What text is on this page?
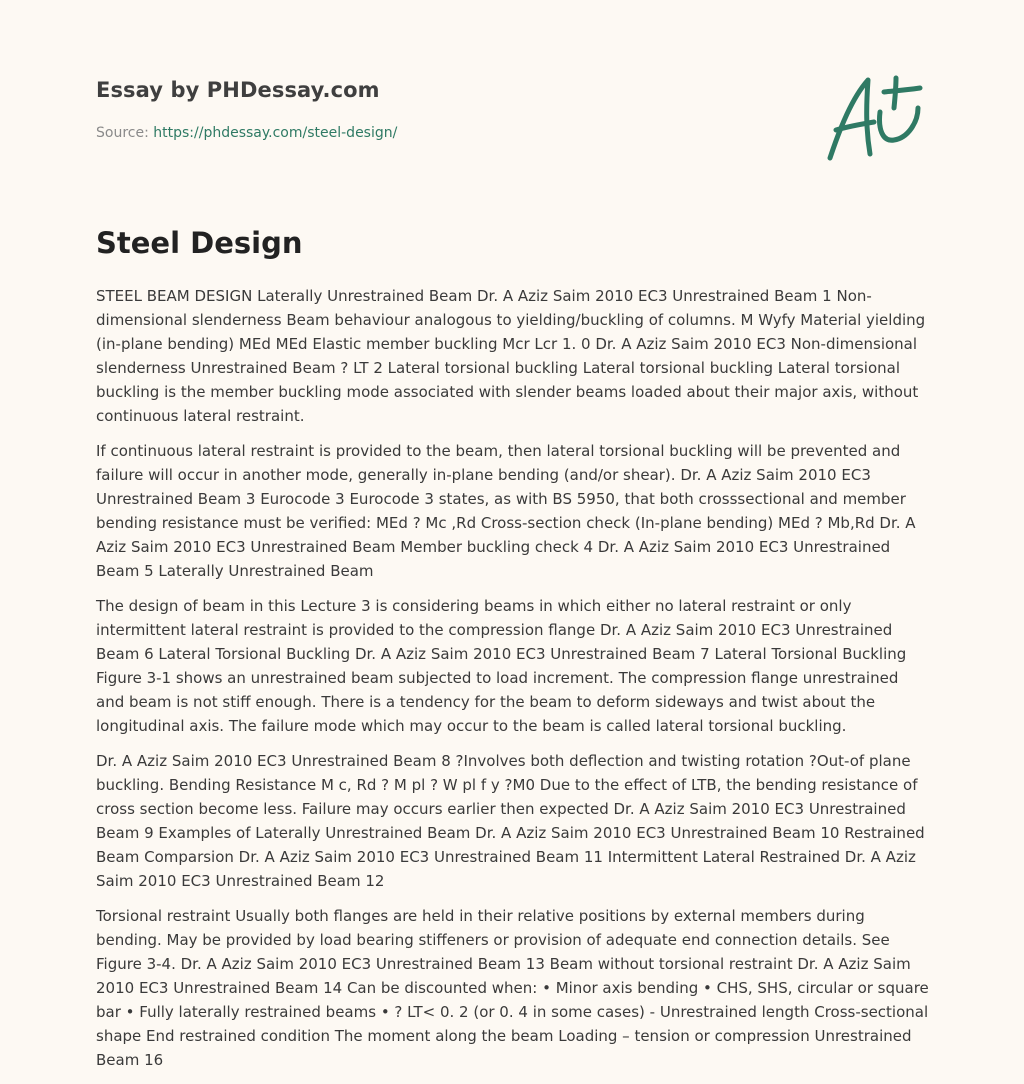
Essay by PHDessay.com
Source: https://phdessay.com/steel-design/
Steel Design

STEEL BEAM DESIGN Laterally Unrestrained Beam Dr. A Aziz Saim 2010 EC3 Unrestrained Beam 1 Non-dimensional slenderness Beam behaviour analogous to yielding/buckling of columns. M Wyfy Material yielding (in-plane bending) MEd MEd Elastic member buckling Mcr Lcr 1. 0 Dr. A Aziz Saim 2010 EC3 Non-dimensional slenderness Unrestrained Beam ? LT 2 Lateral torsional buckling Lateral torsional buckling Lateral torsional buckling is the member buckling mode associated with slender beams loaded about their major axis, without continuous lateral restraint.

If continuous lateral restraint is provided to the beam, then lateral torsional buckling will be prevented and failure will occur in another mode, generally in-plane bending (and/or shear). Dr. A Aziz Saim 2010 EC3 Unrestrained Beam 3 Eurocode 3 Eurocode 3 states, as with BS 5950, that both crosssectional and member bending resistance must be verified: MEd ? Mc ,Rd Cross-section check (In-plane bending) MEd ? Mb,Rd Dr. A Aziz Saim 2010 EC3 Unrestrained Beam Member buckling check 4 Dr. A Aziz Saim 2010 EC3 Unrestrained Beam 5 Laterally Unrestrained Beam

The design of beam in this Lecture 3 is considering beams in which either no lateral restraint or only intermittent lateral restraint is provided to the compression flange Dr. A Aziz Saim 2010 EC3 Unrestrained Beam 6 Lateral Torsional Buckling Dr. A Aziz Saim 2010 EC3 Unrestrained Beam 7 Lateral Torsional Buckling Figure 3-1 shows an unrestrained beam subjected to load increment. The compression flange unrestrained and beam is not stiff enough. There is a tendency for the beam to deform sideways and twist about the longitudinal axis. The failure mode which may occur to the beam is called lateral torsional buckling.

Dr. A Aziz Saim 2010 EC3 Unrestrained Beam 8 ?Involves both deflection and twisting rotation ?Out-of plane buckling. Bending Resistance M c, Rd ? M pl ? W pl f y ?M0 Due to the effect of LTB, the bending resistance of cross section become less. Failure may occurs earlier then expected Dr. A Aziz Saim 2010 EC3 Unrestrained Beam 9 Examples of Laterally Unrestrained Beam Dr. A Aziz Saim 2010 EC3 Unrestrained Beam 10 Restrained Beam Comparsion Dr. A Aziz Saim 2010 EC3 Unrestrained Beam 11 Intermittent Lateral Restrained Dr. A Aziz Saim 2010 EC3 Unrestrained Beam 12

Torsional restraint Usually both flanges are held in their relative positions by external members during bending. May be provided by load bearing stiffeners or provision of adequate end connection details. See Figure 3-4. Dr. A Aziz Saim 2010 EC3 Unrestrained Beam 13 Beam without torsional restraint Dr. A Aziz Saim 2010 EC3 Unrestrained Beam 14 Can be discounted when: • Minor axis bending • CHS, SHS, circular or square bar • Fully laterally restrained beams • ? LT< 0. 2 (or 0. 4 in some cases) - Unrestrained length Cross-sectional shape End restrained condition The moment along the beam Loading – tension or compression Unrestrained Beam 16
